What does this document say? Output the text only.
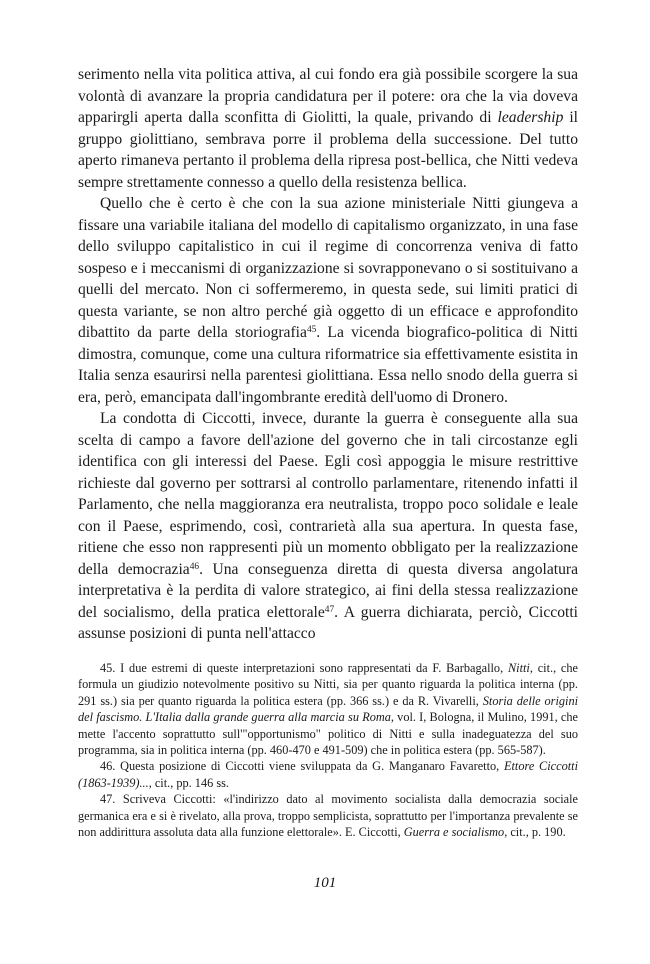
serimento nella vita politica attiva, al cui fondo era già possibile scorgere la sua volontà di avanzare la propria candidatura per il potere: ora che la via doveva apparirgli aperta dalla sconfitta di Giolitti, la quale, privando di leadership il gruppo giolittiano, sembrava porre il problema della successione. Del tutto aperto rimaneva pertanto il problema della ripresa post-bellica, che Nitti vedeva sempre strettamente connesso a quello della resistenza bellica.

Quello che è certo è che con la sua azione ministeriale Nitti giungeva a fissare una variabile italiana del modello di capitalismo organizzato, in una fase dello sviluppo capitalistico in cui il regime di concorrenza veniva di fatto sospeso e i meccanismi di organizzazione si sovrapponevano o si sostituivano a quelli del mercato. Non ci soffermeremo, in questa sede, sui limiti pratici di questa variante, se non altro perché già oggetto di un efficace e approfondito dibattito da parte della storiografia$^{45}$. La vicenda biografico-politica di Nitti dimostra, comunque, come una cultura riformatrice sia effettivamente esistita in Italia senza esaurirsi nella parentesi giolittiana. Essa nello snodo della guerra si era, però, emancipata dall'ingombrante eredità dell'uomo di Dronero.

La condotta di Ciccotti, invece, durante la guerra è conseguente alla sua scelta di campo a favore dell'azione del governo che in tali circostanze egli identifica con gli interessi del Paese. Egli così appoggia le misure restrittive richieste dal governo per sottrarsi al controllo parlamentare, ritenendo infatti il Parlamento, che nella maggioranza era neutralista, troppo poco solidale e leale con il Paese, esprimendo, così, contrarietà alla sua apertura. In questa fase, ritiene che esso non rappresenti più un momento obbligato per la realizzazione della democrazia$^{46}$. Una conseguenza diretta di questa diversa angolatura interpretativa è la perdita di valore strategico, ai fini della stessa realizzazione del socialismo, della pratica elettorale$^{47}$. A guerra dichiarata, perciò, Ciccotti assunse posizioni di punta nell'attacco

45. I due estremi di queste interpretazioni sono rappresentati da F. Barbagallo, Nitti, cit., che formula un giudizio notevolmente positivo su Nitti, sia per quanto riguarda la politica interna (pp. 291 ss.) sia per quanto riguarda la politica estera (pp. 366 ss.) e da R. Vivarelli, Storia delle origini del fascismo. L'Italia dalla grande guerra alla marcia su Roma, vol. I, Bologna, il Mulino, 1991, che mette l'accento soprattutto sull'"opportunismo" politico di Nitti e sulla inadeguatezza del suo programma, sia in politica interna (pp. 460-470 e 491-509) che in politica estera (pp. 565-587).

46. Questa posizione di Ciccotti viene sviluppata da G. Manganaro Favaretto, Ettore Ciccotti (1863-1939)..., cit., pp. 146 ss.

47. Scriveva Ciccotti: «l'indirizzo dato al movimento socialista dalla democrazia sociale germanica era e si è rivelato, alla prova, troppo semplicista, soprattutto per l'importanza prevalente se non addirittura assoluta data alla funzione elettorale». E. Ciccotti, Guerra e socialismo, cit., p. 190.

101
